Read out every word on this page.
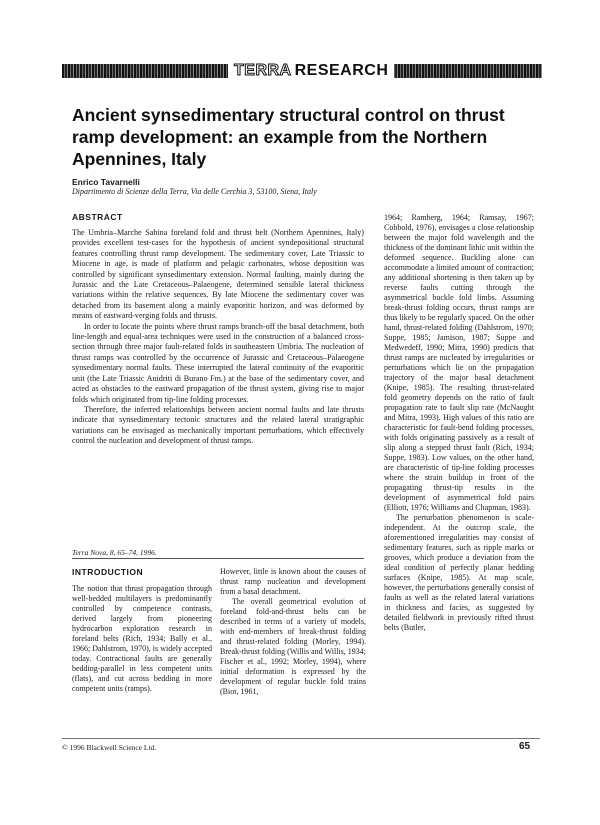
TERRA RESEARCH
Ancient synsedimentary structural control on thrust ramp development: an example from the Northern Apennines, Italy
Enrico Tavarnelli
Dipartimento di Scienze della Terra, Via delle Cerchia 3, 53100, Siena, Italy
ABSTRACT

The Umbria–Marche Sabina foreland fold and thrust belt (Northern Apennines, Italy) provides excellent test-cases for the hypothesis of ancient syndepositional structural features controlling thrust ramp development. The sedimentary cover, Late Triassic to Miocene in age, is made of platform and pelagic carbonates, whose deposition was controlled by significant synsedimentary extension. Normal faulting, mainly during the Jurassic and the Late Cretaceous–Palaeogene, determined sensible lateral thickness variations within the relative sequences. By late Miocene the sedimentary cover was detached from its basement along a mainly evaporitic horizon, and was deformed by means of eastward-verging folds and thrusts.

In order to locate the points where thrust ramps branch-off the basal detachment, both line-length and equal-area techniques were used in the construction of a balanced cross-section through three major fault-related folds in southeastern Umbria. The nucleation of thrust ramps was controlled by the occurrence of Jurassic and Cretaceous–Palaeogene synsedimentary normal faults. These interrupted the lateral continuity of the evaporitic unit (the Late Triassic Anidriti di Burano Fm.) at the base of the sedimentary cover, and acted as obstacles to the eastward propagation of the thrust system, giving rise to major folds which originated from tip-line folding processes.

Therefore, the inferred relationships between ancient normal faults and late thrusts indicate that synsedimentary tectonic structures and the related lateral stratigraphic variations can be envisaged as mechanically important perturbations, which effectively control the nucleation and development of thrust ramps.

Terra Nova, 8, 65–74, 1996.
INTRODUCTION

The notion that thrust propagation through well-bedded multilayers is predominantly controlled by competence contrasts, derived largely from pioneering hydrocarbon exploration research in foreland belts (Rich, 1934; Bally et al., 1966; Dahlstrom, 1970), is widely accepted today. Contractional faults are generally bedding-parallel in less competent units (flats), and cut across bedding in more competent units (ramps).

However, little is known about the causes of thrust ramp nucleation and development from a basal detachment.

The overall geometrical evolution of foreland fold-and-thrust belts can be described in terms of a variety of models, with end-members of break-thrust folding and thrust-related folding (Morley, 1994). Break-thrust folding (Willis and Willis, 1934; Fischer et al., 1992; Morley, 1994), where initial deformation is expressed by the development of regular buckle fold trains (Biot, 1961,

1964; Ramberg, 1964; Ramsay, 1967; Cobbold, 1976), envisages a close relationship between the major fold wavelength and the thickness of the dominant lithic unit within the deformed sequence. Buckling alone can accommodate a limited amount of contraction; any additional shortening is then taken up by reverse faults cutting through the asymmetrical buckle fold limbs. Assuming break-thrust folding occurs, thrust ramps are thus likely to be regularly spaced. On the other hand, thrust-related folding (Dahlstrom, 1970; Suppe, 1985; Jamison, 1987; Suppe and Medwedeff, 1990; Mitra, 1990) predicts that thrust ramps are nucleated by irregularities or perturbations which lie on the propagation trajectory of the major basal detachment (Knipe, 1985). The resulting thrust-related fold geometry depends on the ratio of fault propagation rate to fault slip rate (McNaught and Mitra, 1993). High values of this ratio are characteristic for fault-bend folding processes, with folds originating passively as a result of slip along a stepped thrust fault (Rich, 1934; Suppe, 1983). Low values, on the other hand, are characteristic of tip-line folding processes where the strain buildup in front of the propagating thrust-tip results in the development of asymmetrical fold pairs (Elliott, 1976; Williams and Chapman, 1983).

The perturbation phenomenon is scale-independent. At the outcrop scale, the aforementioned irregularities may consist of sedimentary features, such as ripple marks or grooves, which produce a deviation from the ideal condition of perfectly planar bedding surfaces (Knipe, 1985). At map scale, however, the perturbations generally consist of faults as well as the related lateral variations in thickness and facies, as suggested by detailed fieldwork in previously rifted thrust belts (Butler,

© 1996 Blackwell Science Ltd.	65
